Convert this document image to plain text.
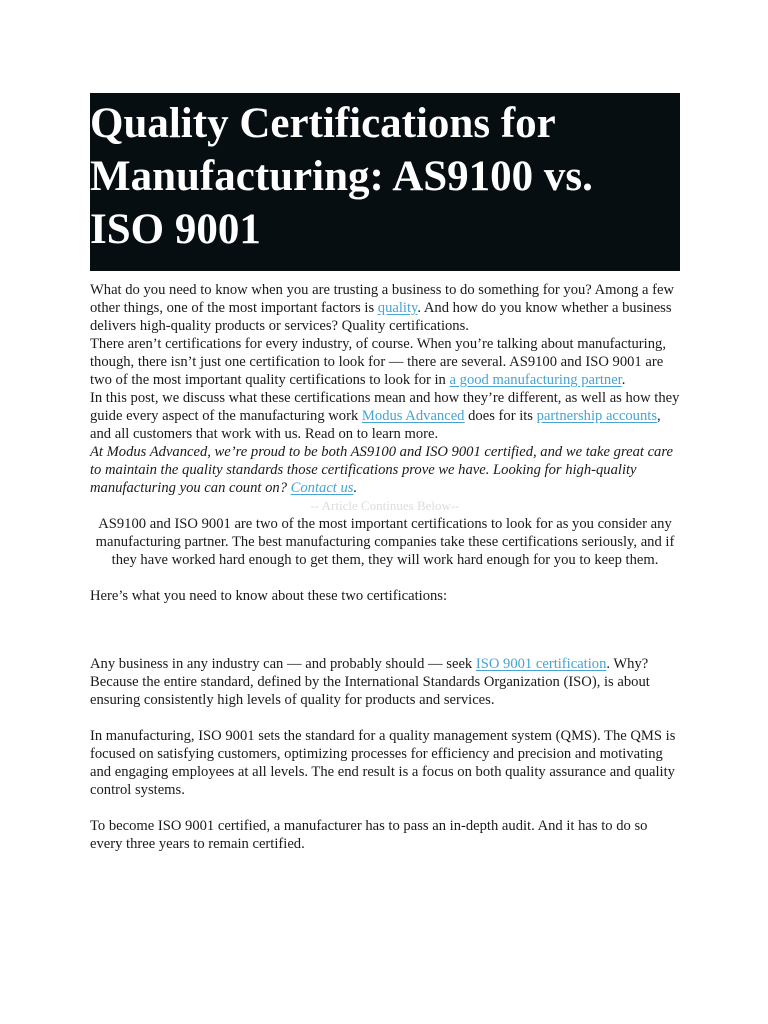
Quality Certifications for Manufacturing: AS9100 vs. ISO 9001

What do you need to know when you are trusting a business to do something for you? Among a few other things, one of the most important factors is quality. And how do you know whether a business delivers high-quality products or services? Quality certifications.

There aren’t certifications for every industry, of course. When you’re talking about manufacturing, though, there isn’t just one certification to look for — there are several. AS9100 and ISO 9001 are two of the most important quality certifications to look for in a good manufacturing partner.

In this post, we discuss what these certifications mean and how they’re different, as well as how they guide every aspect of the manufacturing work Modus Advanced does for its partnership accounts, and all customers that work with us. Read on to learn more.

At Modus Advanced, we’re proud to be both AS9100 and ISO 9001 certified, and we take great care to maintain the quality standards those certifications prove we have. Looking for high-quality manufacturing you can count on? Contact us.

-- Article Continues Below--

AS9100 and ISO 9001 are two of the most important certifications to look for as you consider any manufacturing partner. The best manufacturing companies take these certifications seriously, and if they have worked hard enough to get them, they will work hard enough for you to keep them.

Here’s what you need to know about these two certifications:

Any business in any industry can — and probably should — seek ISO 9001 certification. Why? Because the entire standard, defined by the International Standards Organization (ISO), is about ensuring consistently high levels of quality for products and services.

In manufacturing, ISO 9001 sets the standard for a quality management system (QMS). The QMS is focused on satisfying customers, optimizing processes for efficiency and precision and motivating and engaging employees at all levels. The end result is a focus on both quality assurance and quality control systems.

To become ISO 9001 certified, a manufacturer has to pass an in-depth audit. And it has to do so every three years to remain certified.
